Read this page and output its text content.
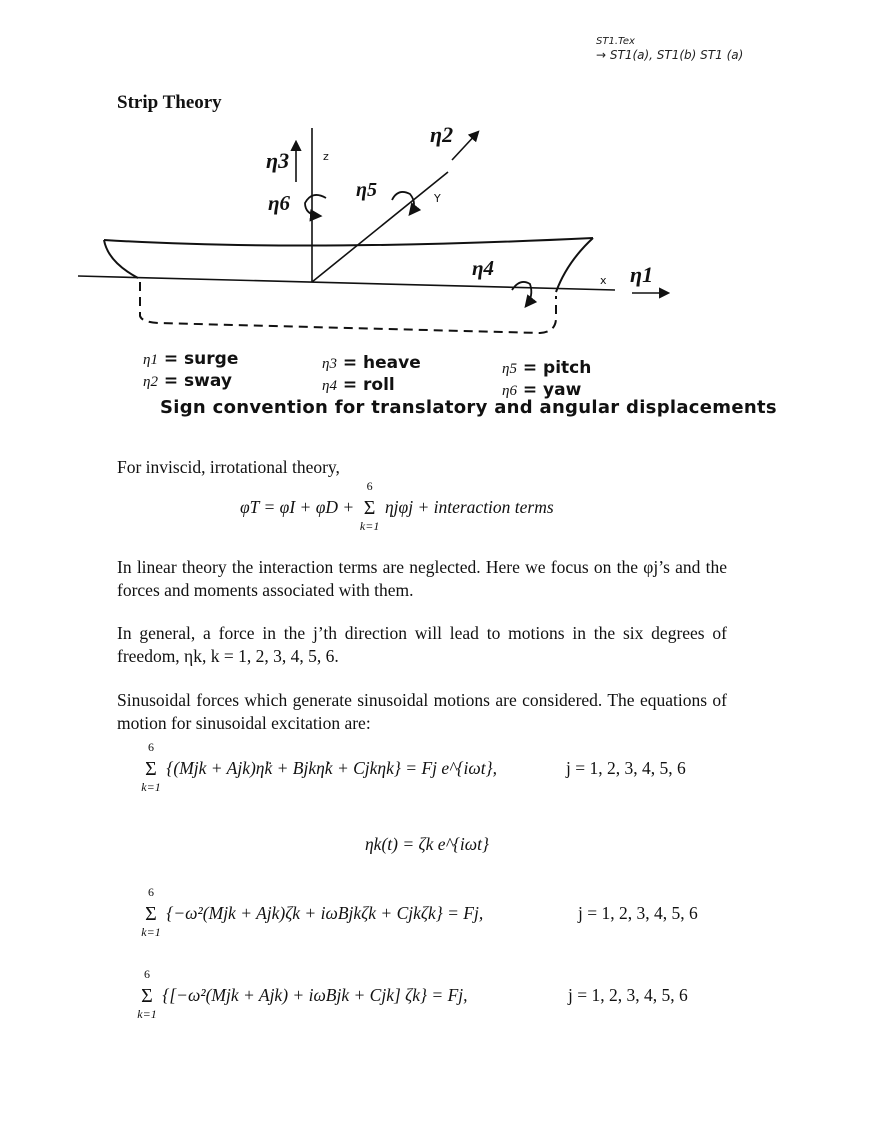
ST1.Tex
→ ST1(a), ST1(b) ST1 (a)
Strip Theory
η1
η2
η3
η4
η5
η6
x
Y
z
η1 = surge
η2 = sway
η3 = heave
η4 = roll
η5 = pitch
η6 = yaw
Sign convention for translatory and angular displacements
For inviscid, irrotational theory,
φT = φI + φD +
6
Σ
k=1
ηjφj + interaction terms
In linear theory the interaction terms are neglected. Here we focus on the φj’s and the forces and moments associated with them.
In general, a force in the j’th direction will lead to motions in the six degrees of freedom, ηk, k = 1, 2, 3, 4, 5, 6.
Sinusoidal forces which generate sinusoidal motions are considered. The equations of motion for sinusoidal excitation are:
6
Σ
k=1
{(Mjk + Ajk)η̈k + Bjkη̇k + Cjkηk} = Fj e^{iωt},	j = 1, 2, 3, 4, 5, 6
ηk(t) = ζk e^{iωt}
6
Σ
k=1
{−ω²(Mjk + Ajk)ζk + iωBjkζk + Cjkζk} = Fj,	j = 1, 2, 3, 4, 5, 6
6
Σ
k=1
{[−ω²(Mjk + Ajk) + iωBjk + Cjk] ζk} = Fj,	j = 1, 2, 3, 4, 5, 6
